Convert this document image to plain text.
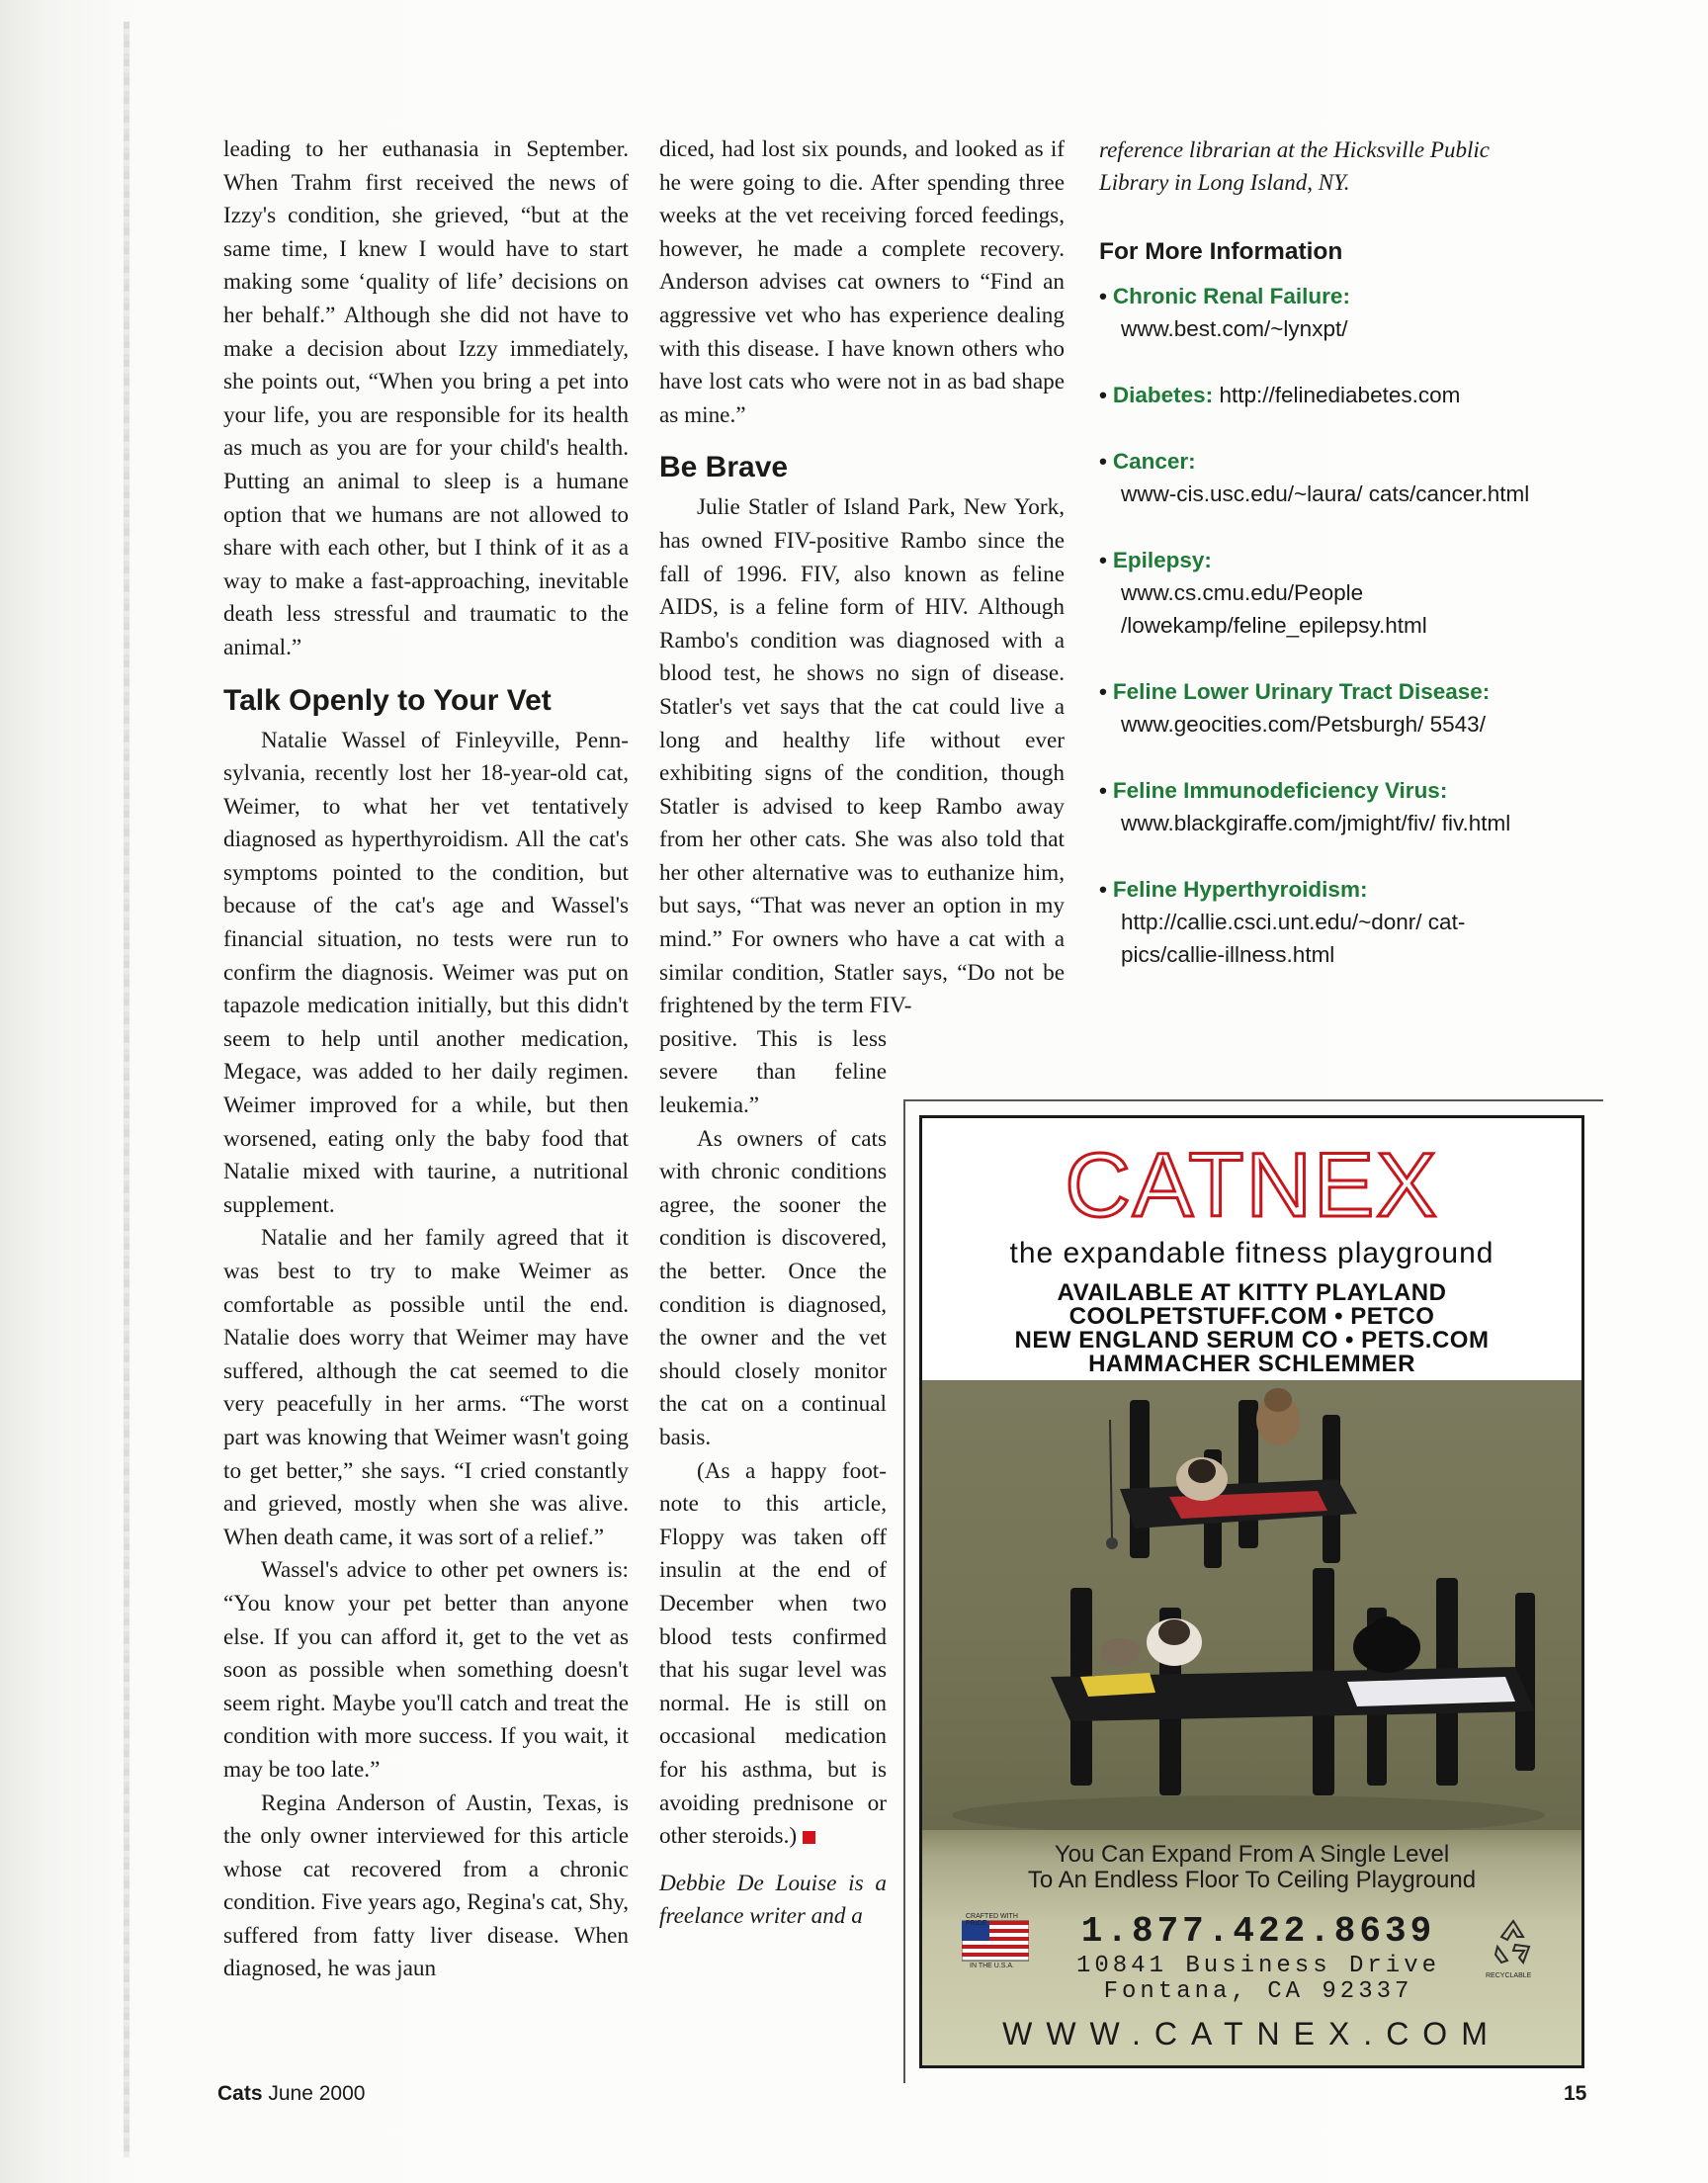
leading to her euthanasia in September. When Trahm first received the news of Izzy's condition, she grieved, “but at the same time, I knew I would have to start making some ‘quality of life’ decisions on her behalf.” Although she did not have to make a decision about Izzy immediately, she points out, “When you bring a pet into your life, you are responsible for its health as much as you are for your child's health. Putting an animal to sleep is a humane option that we humans are not allowed to share with each other, but I think of it as a way to make a fast-approaching, inevitable death less stressful and traumatic to the animal.”

Talk Openly to Your Vet

Natalie Wassel of Finleyville, Pennsylvania, recently lost her 18-year-old cat, Weimer, to what her vet tentatively diagnosed as hyperthyroidism. All the cat's symptoms pointed to the condition, but because of the cat's age and Wassel's financial situation, no tests were run to confirm the diagnosis. Weimer was put on tapazole medication initially, but this didn't seem to help until another medication, Megace, was added to her daily regimen. Weimer improved for a while, but then worsened, eating only the baby food that Natalie mixed with taurine, a nutritional supplement.

Natalie and her family agreed that it was best to try to make Weimer as comfortable as possible until the end. Natalie does worry that Weimer may have suffered, although the cat seemed to die very peacefully in her arms. “The worst part was knowing that Weimer wasn't going to get better,” she says. “I cried constantly and grieved, mostly when she was alive. When death came, it was sort of a relief.”

Wassel's advice to other pet owners is: “You know your pet better than anyone else. If you can afford it, get to the vet as soon as possible when something doesn't seem right. Maybe you'll catch and treat the condition with more success. If you wait, it may be too late.”

Regina Anderson of Austin, Texas, is the only owner interviewed for this article whose cat recovered from a chronic condition. Five years ago, Regina's cat, Shy, suffered from fatty liver disease. When diagnosed, he was jaun

diced, had lost six pounds, and looked as if he were going to die. After spending three weeks at the vet receiving forced feedings, however, he made a complete recovery. Anderson advises cat owners to “Find an aggressive vet who has experience dealing with this disease. I have known others who have lost cats who were not in as bad shape as mine.”

Be Brave

Julie Statler of Island Park, New York, has owned FIV-positive Rambo since the fall of 1996. FIV, also known as feline AIDS, is a feline form of HIV. Although Rambo's condition was diagnosed with a blood test, he shows no sign of disease. Statler's vet says that the cat could live a long and healthy life without ever exhibiting signs of the condition, though Statler is advised to keep Rambo away from her other cats. She was also told that her other alternative was to euthanize him, but says, “That was never an option in my mind.” For owners who have a cat with a similar condition, Statler says, “Do not be frightened by the term FIV-

positive. This is less severe than feline leukemia.”

As owners of cats with chronic conditions agree, the sooner the condition is discovered, the better. Once the condition is diagnosed, the owner and the vet should closely monitor the cat on a continual basis.

(As a happy footnote to this article, Floppy was taken off insulin at the end of December when two blood tests confirmed that his sugar level was normal. He is still on occasional medication for his asthma, but is avoiding prednisone or other steroids.)

Debbie De Louise is a freelance writer and a

reference librarian at the Hicksville Public Library in Long Island, NY.

For More Information
• Chronic Renal Failure:
www.best.com/~lynxpt/
• Diabetes: http://felinediabetes.com
• Cancer:
www-cis.usc.edu/~laura/ cats/cancer.html
• Epilepsy:
www.cs.cmu.edu/People /lowekamp/feline_epilepsy.html
• Feline Lower Urinary Tract Disease:
www.geocities.com/Petsburgh/ 5543/
• Feline Immunodeficiency Virus:
www.blackgiraffe.com/jmight/fiv/ fiv.html
• Feline Hyperthyroidism:
http://callie.csci.unt.edu/~donr/ cat-pics/callie-illness.html
CATNEX
the expandable fitness playground
AVAILABLE AT KITTY PLAYLAND
COOLPETSTUFF.COM • PETCO
NEW ENGLAND SERUM CO • PETS.COM
HAMMACHER SCHLEMMER
You Can Expand From A Single Level
To An Endless Floor To Ceiling Playground
CRAFTED WITH PRIDE
IN THE U.S.A.
1.877.422.8639
10841 Business Drive
Fontana, CA 92337
RECYCLABLE
WWW.CATNEX.COM
Cats June 2000	15
